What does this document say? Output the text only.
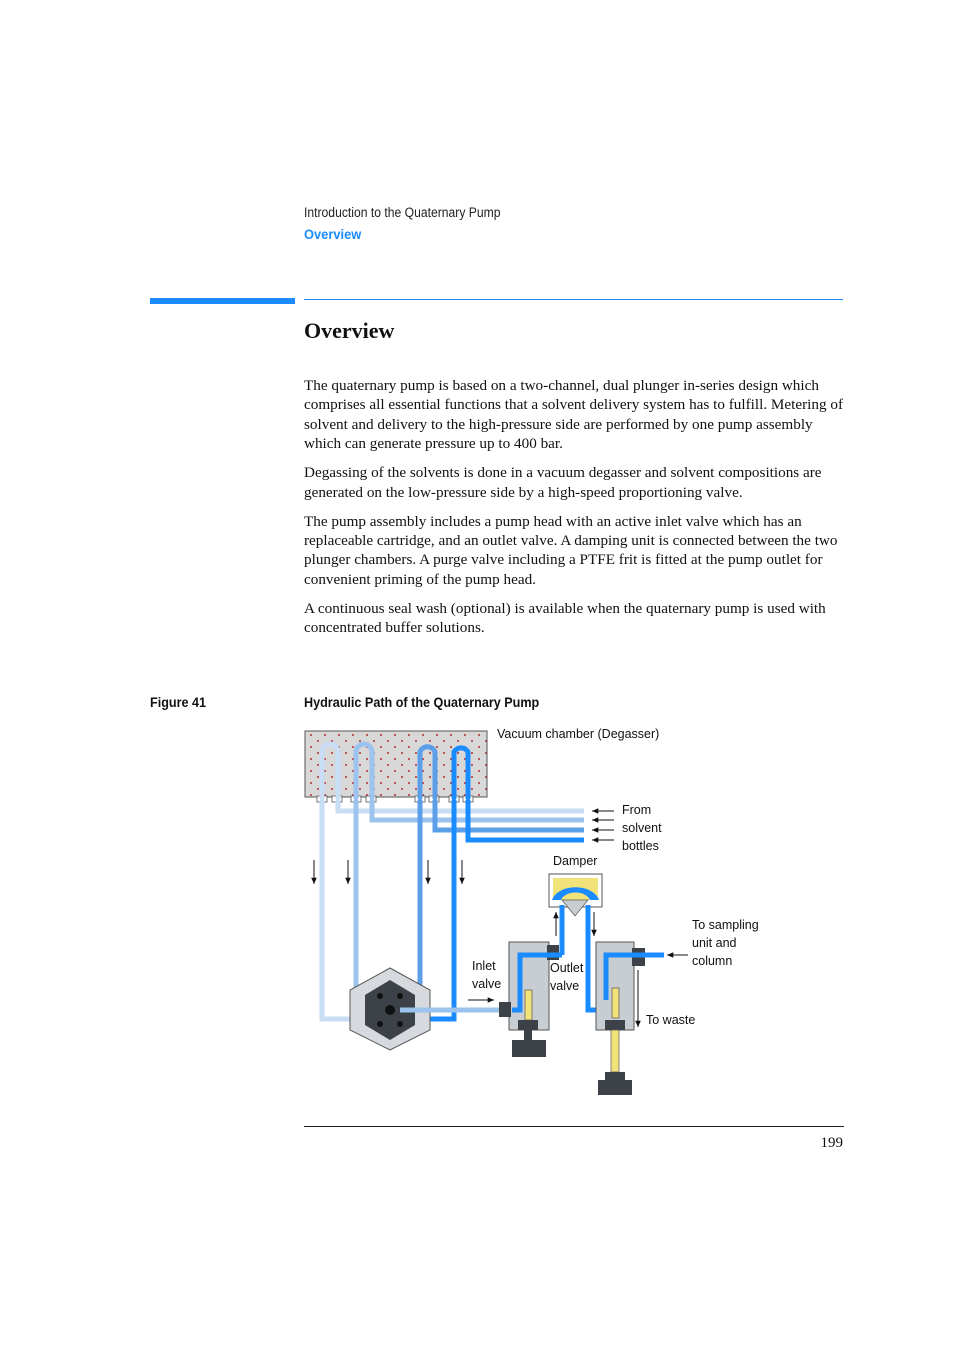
Introduction to the Quaternary Pump
Overview
Overview

The quaternary pump is based on a two-channel, dual plunger in-series design which comprises all essential functions that a solvent delivery system has to fulfill. Metering of solvent and delivery to the high-pressure side are performed by one pump assembly which can generate pressure up to 400 bar.

Degassing of the solvents is done in a vacuum degasser and solvent compositions are generated on the low-pressure side by a high-speed proportioning valve.

The pump assembly includes a pump head with an active inlet valve which has an replaceable cartridge, and an outlet valve. A damping unit is connected between the two plunger chambers. A purge valve including a PTFE frit is fitted at the pump outlet for convenient priming of the pump head.

A continuous seal wash (optional) is available when the quaternary pump is used with concentrated buffer solutions.

Figure 41	Hydraulic Path of the Quaternary Pump
Vacuum chamber (Degasser)
From
solvent
bottles
Damper
Inlet
valve
Outlet
valve
To sampling
unit and
column
To waste
199
